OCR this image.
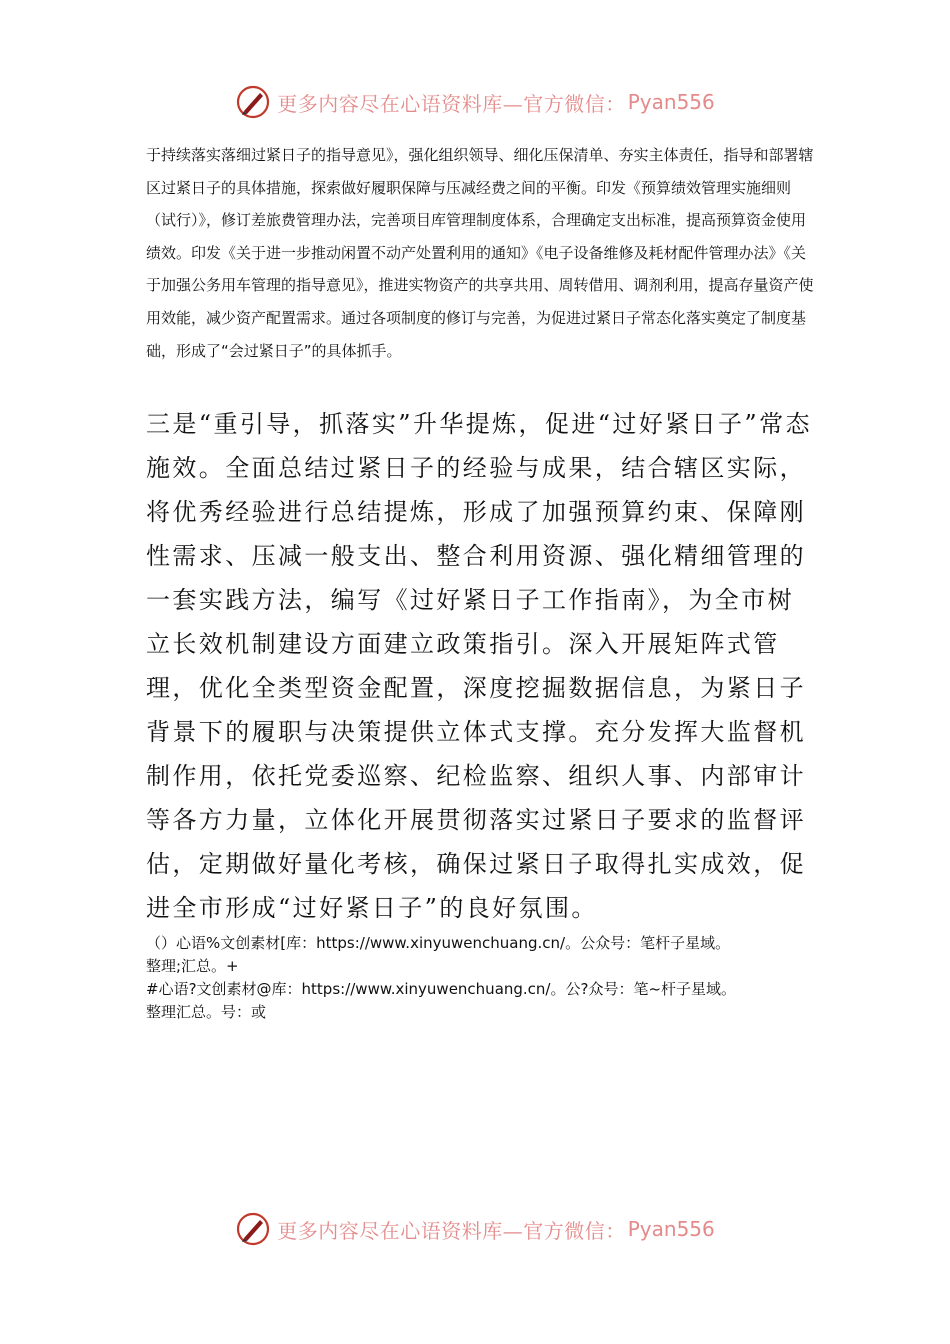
更多内容尽在心语资料库—官方微信： Pyan556
于持续落实落细过紧日子的指导意见》，强化组织领导、细化压保清单、夯实主体责任，指导和部署辖区过紧日子的具体措施，探索做好履职保障与压减经费之间的平衡。印发《预算绩效管理实施细则（试行）》，修订差旅费管理办法，完善项目库管理制度体系，合理确定支出标准，提高预算资金使用绩效。印发《关于进一步推动闲置不动产处置利用的通知》《电子设备维修及耗材配件管理办法》《关于加强公务用车管理的指导意见》，推进实物资产的共享共用、周转借用、调剂利用，提高存量资产使用效能，减少资产配置需求。通过各项制度的修订与完善，为促进过紧日子常态化落实奠定了制度基础，形成了“会过紧日子”的具体抓手。
三是“重引导，抓落实”升华提炼，促进“过好紧日子”常态施效。全面总结过紧日子的经验与成果，结合辖区实际，将优秀经验进行总结提炼，形成了加强预算约束、保障刚性需求、压减一般支出、整合利用资源、强化精细管理的一套实践方法，编写《过好紧日子工作指南》，为全市树立长效机制建设方面建立政策指引。深入开展矩阵式管理，优化全类型资金配置，深度挖掘数据信息，为紧日子背景下的履职与决策提供立体式支撑。充分发挥大监督机制作用，依托党委巡察、纪检监察、组织人事、内部审计等各方力量，立体化开展贯彻落实过紧日子要求的监督评估，定期做好量化考核，确保过紧日子取得扎实成效，促进全市形成“过好紧日子”的良好氛围。
（）心语%文创素材[库：https://www.xinyuwenchuang.cn/。公众号：笔杆子星域。
整理;汇总。+
#心语?文创素材@库：https://www.xinyuwenchuang.cn/。公?众号：笔~杆子星域。
整理汇总。号：或
更多内容尽在心语资料库—官方微信： Pyan556
